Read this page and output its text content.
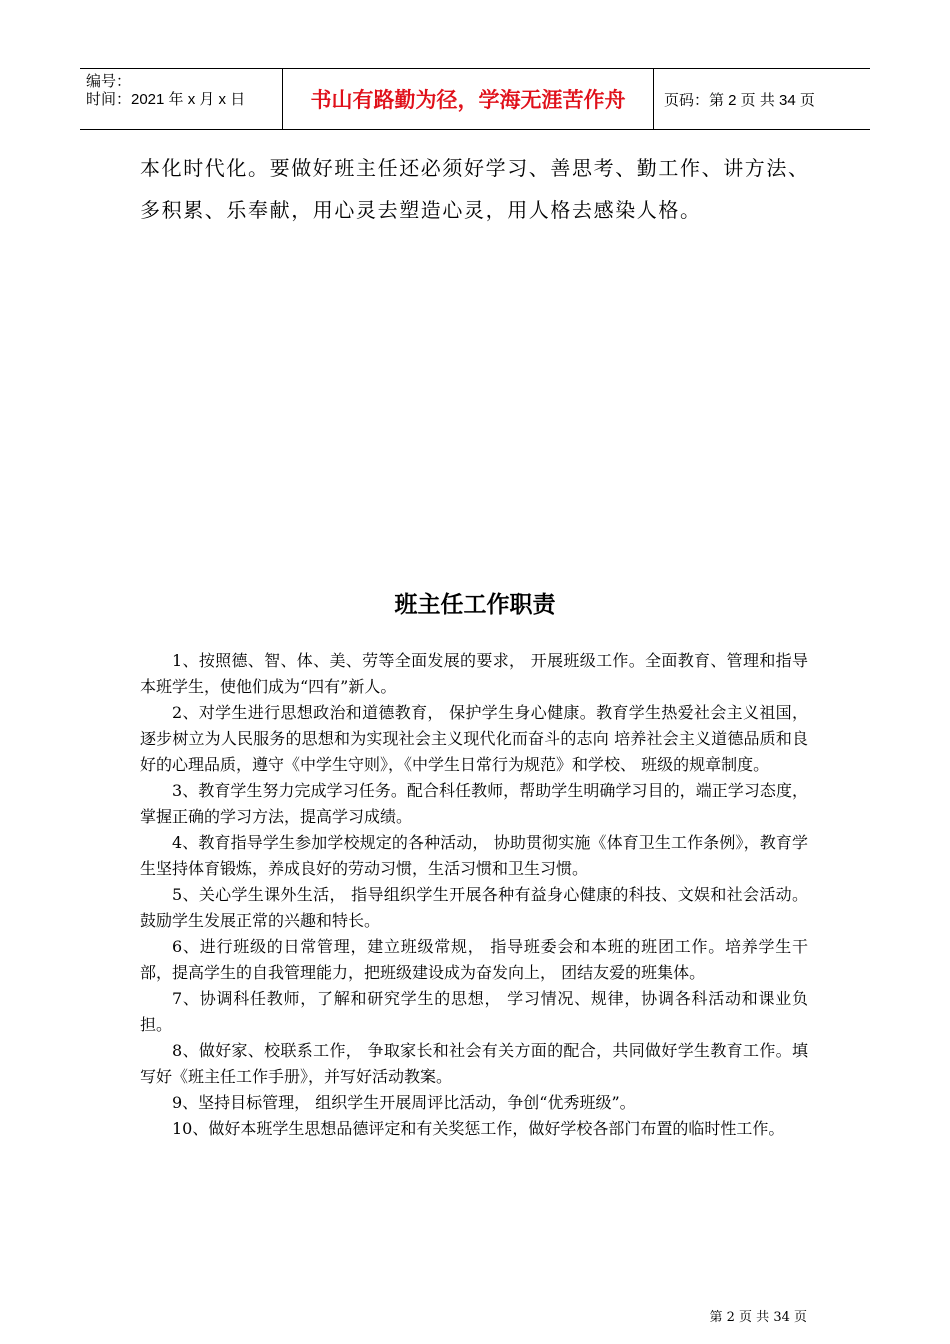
编号：
时间：2021 年 x 月 x 日	书山有路勤为径，学海无涯苦作舟	页码：第 2 页 共 34 页

本化时代化。要做好班主任还必须好学习、善思考、勤工作、讲方法、多积累、乐奉献，用心灵去塑造心灵，用人格去感染人格。

班主任工作职责

1、按照德、智、体、美、劳等全面发展的要求， 开展班级工作。全面教育、管理和指导本班学生，使他们成为“四有”新人。

2、对学生进行思想政治和道德教育， 保护学生身心健康。教育学生热爱社会主义祖国，逐步树立为人民服务的思想和为实现社会主义现代化而奋斗的志向 培养社会主义道德品质和良好的心理品质，遵守《中学生守则》，《中学生日常行为规范》和学校、 班级的规章制度。

3、教育学生努力完成学习任务。配合科任教师，帮助学生明确学习目的，端正学习态度，掌握正确的学习方法，提高学习成绩。

4、教育指导学生参加学校规定的各种活动， 协助贯彻实施《体育卫生工作条例》，教育学生坚持体育锻炼，养成良好的劳动习惯，生活习惯和卫生习惯。

5、关心学生课外生活， 指导组织学生开展各种有益身心健康的科技、文娱和社会活动。鼓励学生发展正常的兴趣和特长。

6、进行班级的日常管理，建立班级常规， 指导班委会和本班的班团工作。培养学生干部，提高学生的自我管理能力，把班级建设成为奋发向上， 团结友爱的班集体。

7、协调科任教师，了解和研究学生的思想， 学习情况、规律，协调各科活动和课业负担。

8、做好家、校联系工作， 争取家长和社会有关方面的配合，共同做好学生教育工作。填写好《班主任工作手册》，并写好活动教案。

9、坚持目标管理， 组织学生开展周评比活动，争创“优秀班级”。

10、做好本班学生思想品德评定和有关奖惩工作，做好学校各部门布置的临时性工作。

第 2 页 共 34 页
